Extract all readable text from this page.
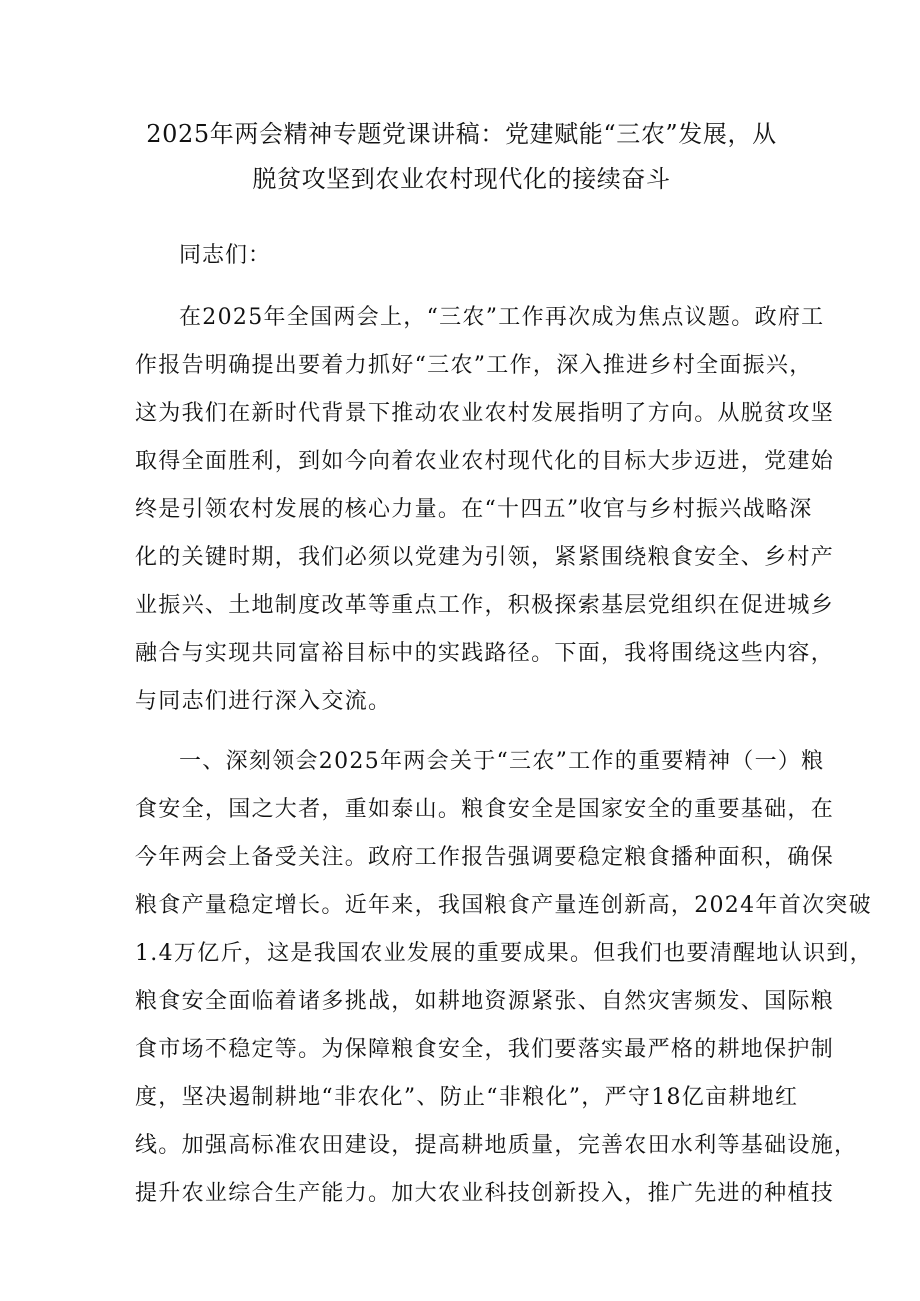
2025年两会精神专题党课讲稿：党建赋能“三农”发展，从
脱贫攻坚到农业农村现代化的接续奋斗

同志们：

在2025年全国两会上，“三农”工作再次成为焦点议题。政府工
作报告明确提出要着力抓好“三农”工作，深入推进乡村全面振兴，
这为我们在新时代背景下推动农业农村发展指明了方向。从脱贫攻坚
取得全面胜利，到如今向着农业农村现代化的目标大步迈进，党建始
终是引领农村发展的核心力量。在“十四五”收官与乡村振兴战略深
化的关键时期，我们必须以党建为引领，紧紧围绕粮食安全、乡村产
业振兴、土地制度改革等重点工作，积极探索基层党组织在促进城乡
融合与实现共同富裕目标中的实践路径。下面，我将围绕这些内容，
与同志们进行深入交流。
一、深刻领会2025年两会关于“三农”工作的重要精神（一）粮
食安全，国之大者，重如泰山。粮食安全是国家安全的重要基础，在
今年两会上备受关注。政府工作报告强调要稳定粮食播种面积，确保
粮食产量稳定增长。近年来，我国粮食产量连创新高，2024年首次突破
1.4万亿斤，这是我国农业发展的重要成果。但我们也要清醒地认识到，
粮食安全面临着诸多挑战，如耕地资源紧张、自然灾害频发、国际粮
食市场不稳定等。为保障粮食安全，我们要落实最严格的耕地保护制
度，坚决遏制耕地“非农化”、防止“非粮化”，严守18亿亩耕地红
线。加强高标准农田建设，提高耕地质量，完善农田水利等基础设施，
提升农业综合生产能力。加大农业科技创新投入，推广先进的种植技
